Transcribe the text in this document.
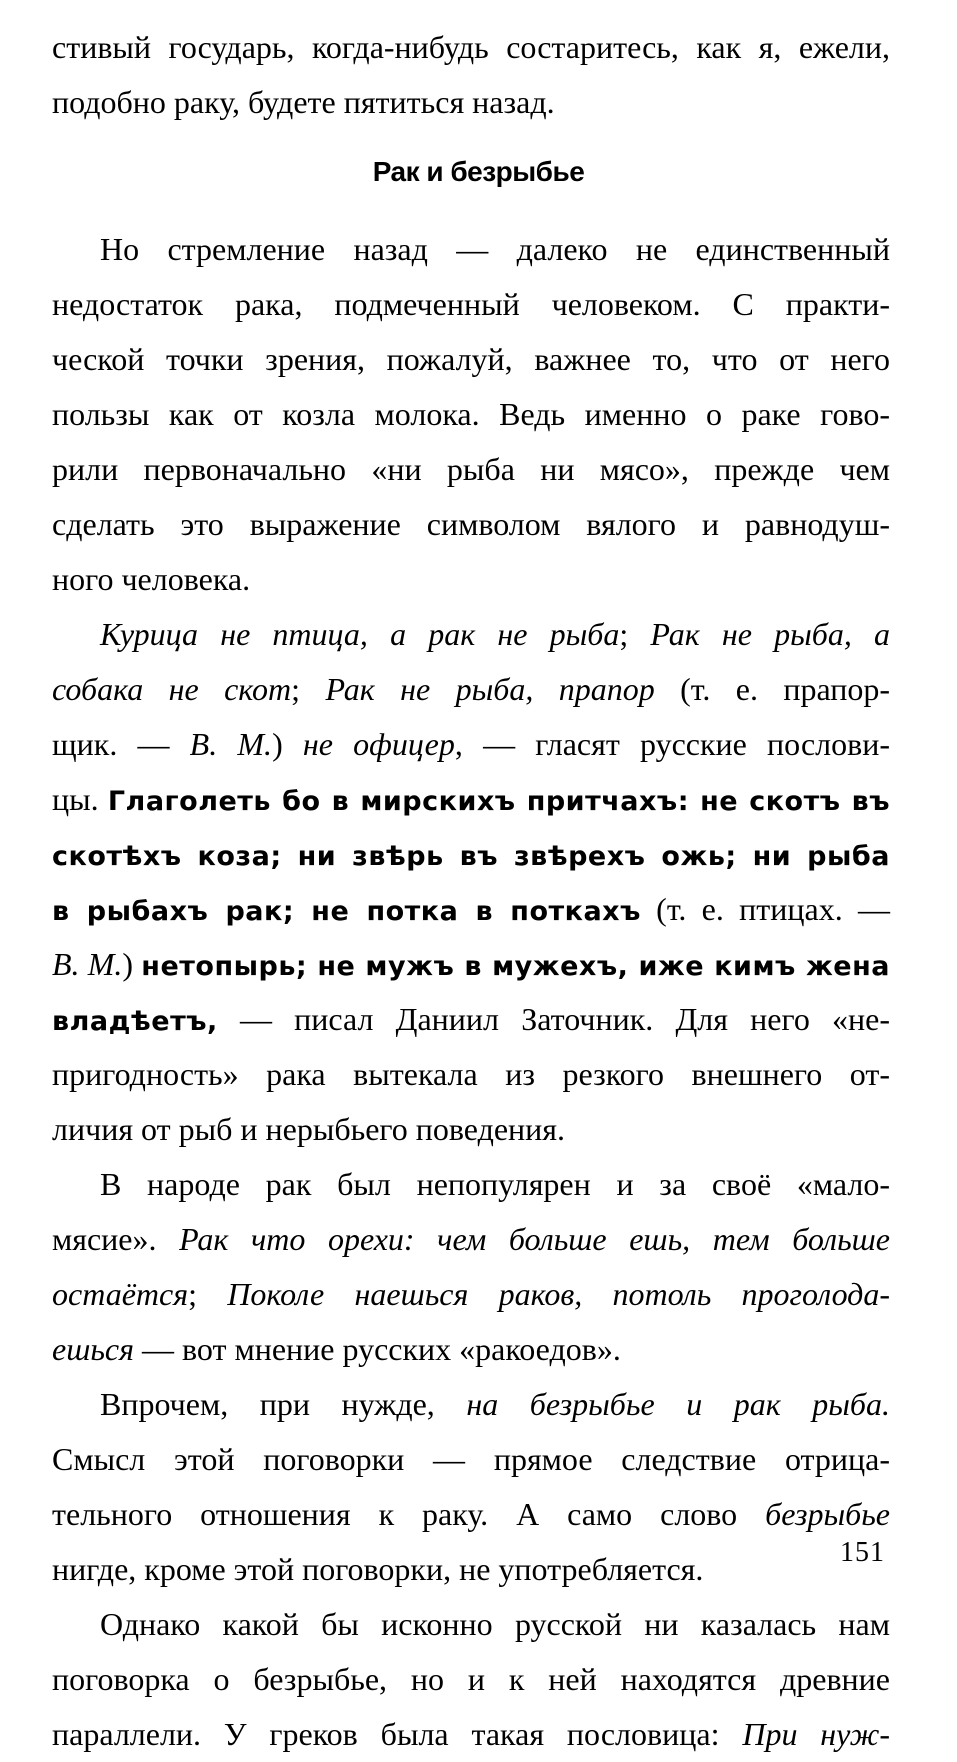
стивый государь, когда-нибудь состаритесь, как я, ежели,
подобно раку, будете пятиться назад.
Рак и безрыбье
Но стремление назад — далеко не единственный
недостаток рака, подмеченный человеком. С практи-
ческой точки зрения, пожалуй, важнее то, что от него
пользы как от козла молока. Ведь именно о раке гово-
рили первоначально «ни рыба ни мясо», прежде чем
сделать это выражение символом вялого и равнодуш-
ного человека.
Курица не птица, а рак не рыба; Рак не рыба, а
собака не скот; Рак не рыба, прапор (т. е. прапор-
щик. — В. М.) не офицер, — гласят русские послови-
цы. Глаголеть бо в мирскихъ притчахъ: не скотъ въ
скотѣхъ коза; ни звѣрь въ звѣрехъ ожь; ни рыба
в рыбахъ рак; не потка в поткахъ (т. е. птицах. —
В. М.) нетопырь; не мужъ в мужехъ, иже кимъ жена
владѣетъ, — писал Даниил Заточник. Для него «не-
пригодность» рака вытекала из резкого внешнего от-
личия от рыб и нерыбьего поведения.
В народе рак был непопулярен и за своё «мало-
мясие». Рак что орехи: чем больше ешь, тем больше
остаётся; Поколе наешься раков, потоль проголода-
ешься — вот мнение русских «ракоедов».
Впрочем, при нужде, на безрыбье и рак рыба.
Смысл этой поговорки — прямое следствие отрица-
тельного отношения к раку. А само слово безрыбье
нигде, кроме этой поговорки, не употребляется.
Однако какой бы исконно русской ни казалась нам
поговорка о безрыбье, но и к ней находятся древние
параллели. У греков была такая пословица: При нуж-
151
